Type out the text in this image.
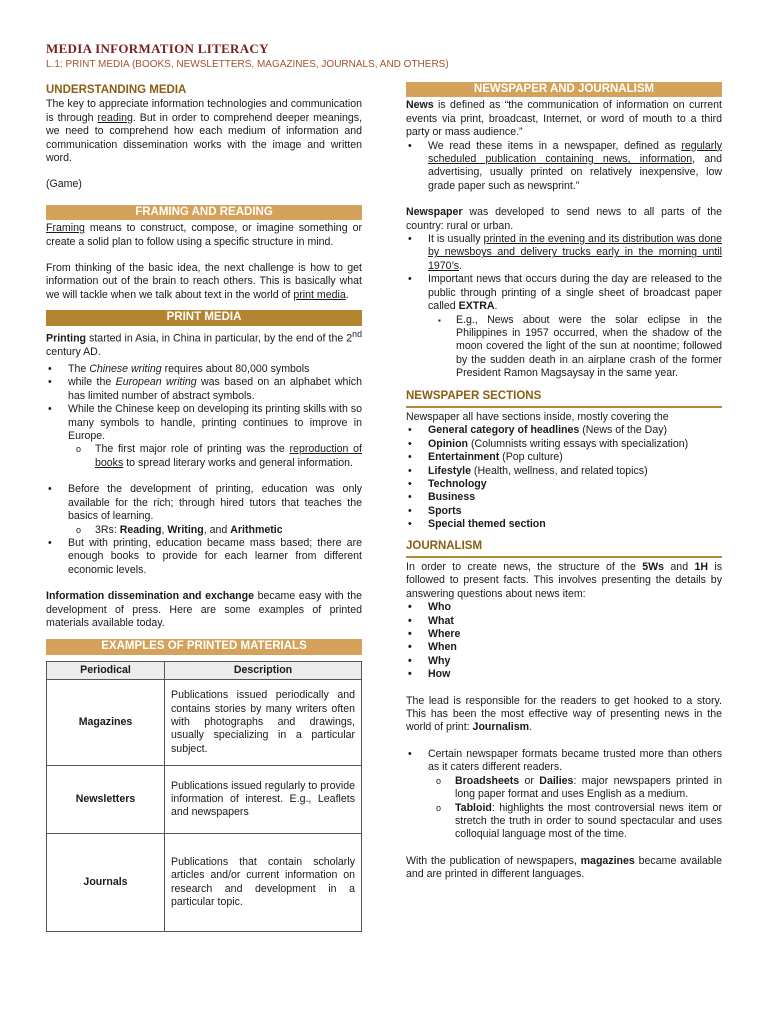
MEDIA INFORMATION LITERACY
L.1: PRINT MEDIA (BOOKS, NEWSLETTERS, MAGAZINES, JOURNALS, AND OTHERS)
UNDERSTANDING MEDIA

The key to appreciate information technologies and communication is through reading. But in order to comprehend deeper meanings, we need to comprehend how each medium of information and communication dissemination works with the image and written word.

(Game)

FRAMING AND READING

Framing means to construct, compose, or imagine something or create a solid plan to follow using a specific structure in mind.

From thinking of the basic idea, the next challenge is how to get information out of the brain to reach others. This is basically what we will tackle when we talk about text in the world of print media.

PRINT MEDIA

Printing started in Asia, in China in particular, by the end of the 2nd century AD.

• The Chinese writing requires about 80,000 symbols
• while the European writing was based on an alphabet which has limited number of abstract symbols.
• While the Chinese keep on developing its printing skills with so many symbols to handle, printing continues to improve in Europe.
o The first major role of printing was the reproduction of books to spread literary works and general information.
• Before the development of printing, education was only available for the rich; through hired tutors that teaches the basics of learning.
o 3Rs: Reading, Writing, and Arithmetic
• But with printing, education became mass based; there are enough books to provide for each learner from different economic levels.

Information dissemination and exchange became easy with the development of press. Here are some examples of printed materials available today.

EXAMPLES OF PRINTED MATERIALS
Periodical	Description
Magazines	Publications issued periodically and contains stories by many writers often with photographs and drawings, usually specializing in a particular subject.
Newsletters	Publications issued regularly to provide information of interest. E.g., Leaflets and newspapers
Journals	Publications that contain scholarly articles and/or current information on research and development in a particular topic.
NEWSPAPER AND JOURNALISM

News is defined as “the communication of information on current events via print, broadcast, Internet, or word of mouth to a third party or mass audience.”

• We read these items in a newspaper, defined as regularly scheduled publication containing news, information, and advertising, usually printed on relatively inexpensive, low grade paper such as newsprint.”

Newspaper was developed to send news to all parts of the country: rural or urban.

• It is usually printed in the evening and its distribution was done by newsboys and delivery trucks early in the morning until 1970’s.
• Important news that occurs during the day are released to the public through printing of a single sheet of broadcast paper called EXTRA.
▪ E.g., News about were the solar eclipse in the Philippines in 1957 occurred, when the shadow of the moon covered the light of the sun at noontime; followed by the sudden death in an airplane crash of the former President Ramon Magsaysay in the same year.
NEWSPAPER SECTIONS

Newspaper all have sections inside, mostly covering the

• General category of headlines (News of the Day)
• Opinion (Columnists writing essays with specialization)
• Entertainment (Pop culture)
• Lifestyle (Health, wellness, and related topics)
• Technology
• Business
• Sports
• Special themed section
JOURNALISM

In order to create news, the structure of the 5Ws and 1H is followed to present facts. This involves presenting the details by answering questions about news item:

• Who
• What
• Where
• When
• Why
• How

The lead is responsible for the readers to get hooked to a story. This has been the most effective way of presenting news in the world of print: Journalism.

• Certain newspaper formats became trusted more than others as it caters different readers.
o Broadsheets or Dailies: major newspapers printed in long paper format and uses English as a medium.
o Tabloid: highlights the most controversial news item or stretch the truth in order to sound spectacular and uses colloquial language most of the time.

With the publication of newspapers, magazines became available and are printed in different languages.
